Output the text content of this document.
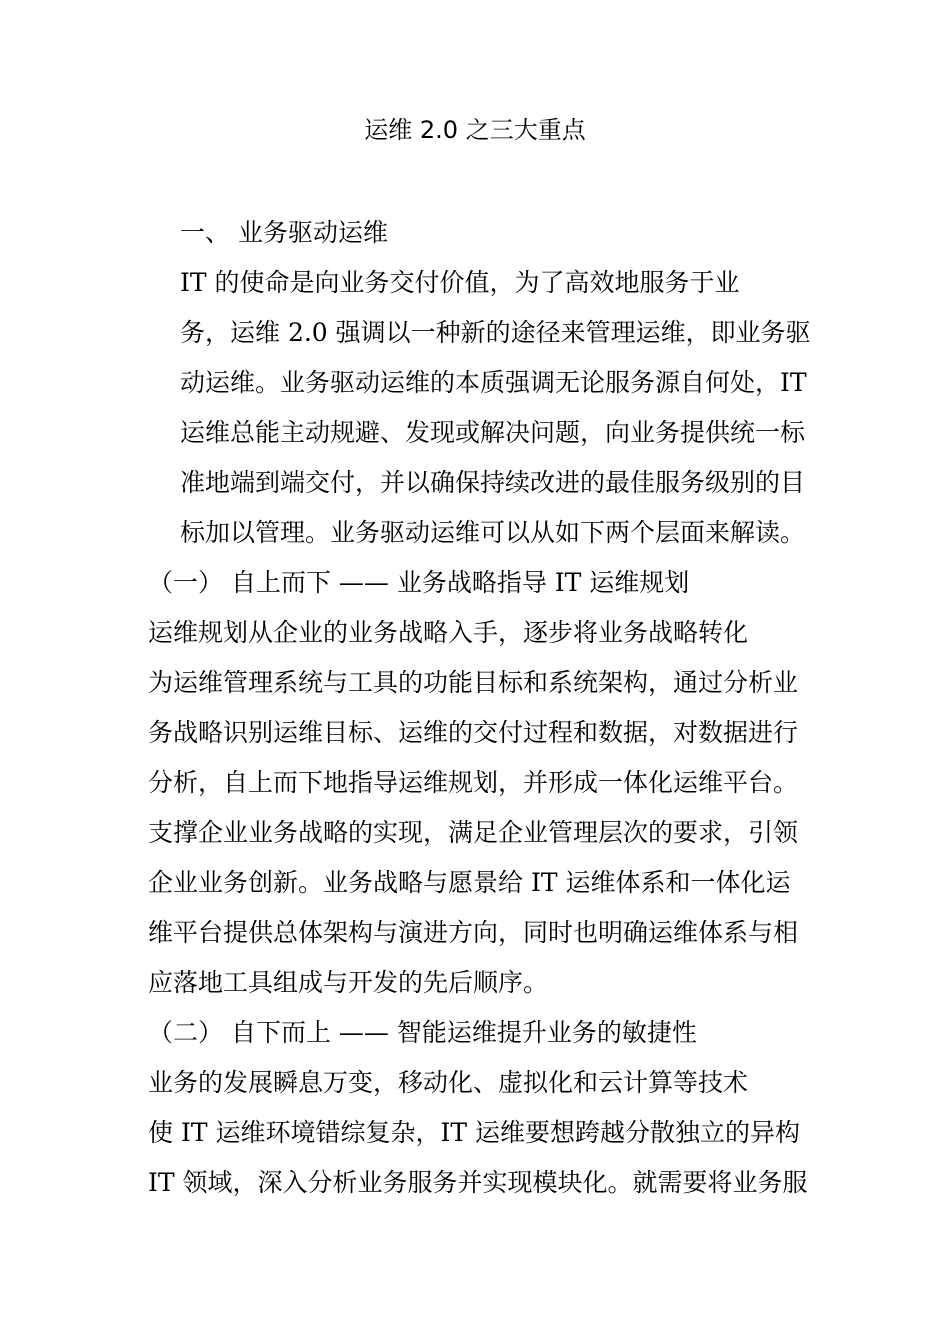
运维 2.0 之三大重点
一、 业务驱动运维
IT 的使命是向业务交付价值，为了高效地服务于业
务，运维 2.0 强调以一种新的途径来管理运维，即业务驱
动运维。业务驱动运维的本质强调无论服务源自何处，IT
运维总能主动规避、发现或解决问题，向业务提供统一标
准地端到端交付，并以确保持续改进的最佳服务级别的目
标加以管理。业务驱动运维可以从如下两个层面来解读。
（一） 自上而下 —— 业务战略指导 IT 运维规划
运维规划从企业的业务战略入手，逐步将业务战略转化
为运维管理系统与工具的功能目标和系统架构，通过分析业
务战略识别运维目标、运维的交付过程和数据，对数据进行
分析，自上而下地指导运维规划，并形成一体化运维平台。
支撑企业业务战略的实现，满足企业管理层次的要求，引领
企业业务创新。业务战略与愿景给 IT 运维体系和一体化运
维平台提供总体架构与演进方向，同时也明确运维体系与相
应落地工具组成与开发的先后顺序。
（二） 自下而上 —— 智能运维提升业务的敏捷性
业务的发展瞬息万变，移动化、虚拟化和云计算等技术
使 IT 运维环境错综复杂，IT 运维要想跨越分散独立的异构
IT 领域，深入分析业务服务并实现模块化。就需要将业务服
